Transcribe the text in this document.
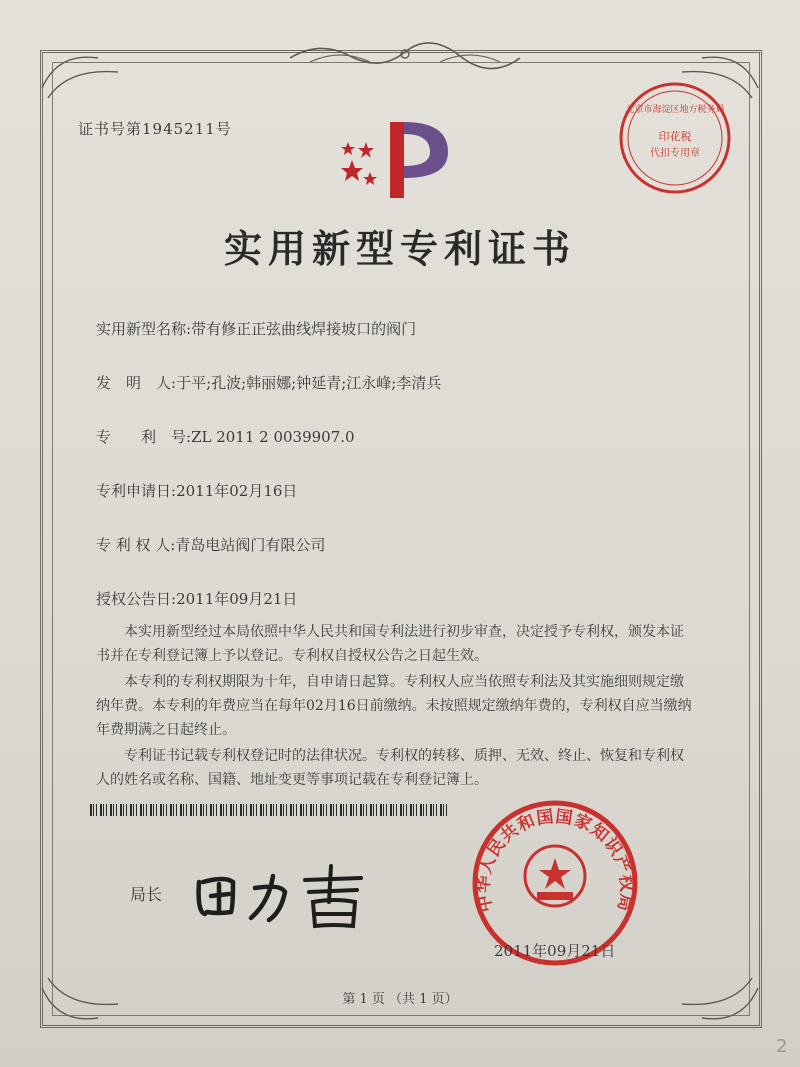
证书号第1945211号
北京市海淀区地方税务局
印花税
代扣专用章
实用新型专利证书
实用新型名称:带有修正正弦曲线焊接坡口的阀门
发　明　人:于平;孔波;韩丽娜;钟延青;江永峰;李清兵
专　　利　号:ZL 2011 2 0039907.0
专利申请日:2011年02月16日
专 利 权 人:青岛电站阀门有限公司
授权公告日:2011年09月21日

本实用新型经过本局依照中华人民共和国专利法进行初步审查，决定授予专利权，颁发本证书并在专利登记簿上予以登记。专利权自授权公告之日起生效。

本专利的专利权期限为十年，自申请日起算。专利权人应当依照专利法及其实施细则规定缴纳年费。本专利的年费应当在每年02月16日前缴纳。未按照规定缴纳年费的，专利权自应当缴纳年费期满之日起终止。

专利证书记载专利权登记时的法律状况。专利权的转移、质押、无效、终止、恢复和专利权人的姓名或名称、国籍、地址变更等事项记载在专利登记簿上。

局长	中华人民共和国国家知识产权局
2011年09月21日
第 1 页 （共 1 页）
2
